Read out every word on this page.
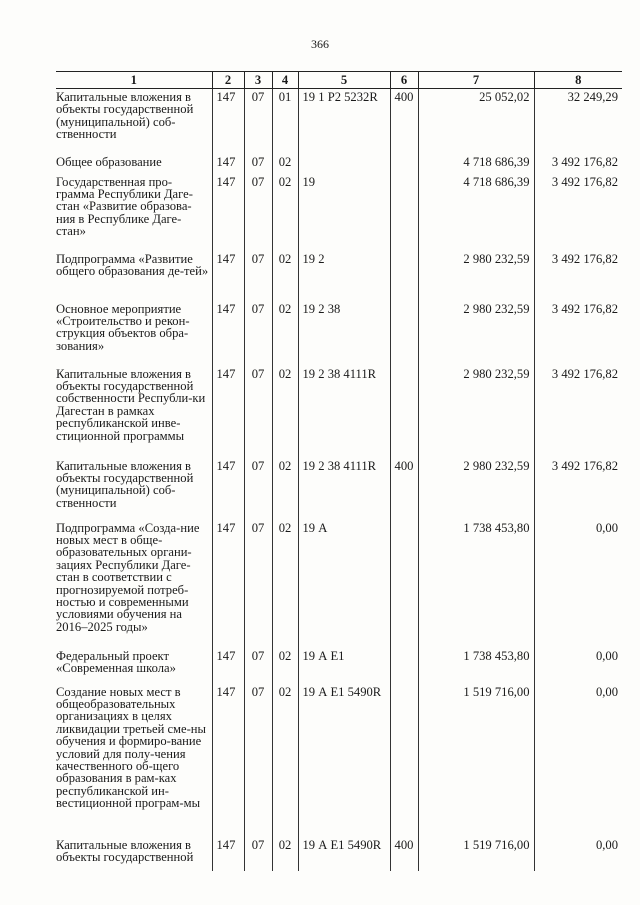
366
1	2	3	4	5	6	7	8
Капитальные вложения в объекты государственной (муниципальной) соб-ственности	147	07	01	19 1 P2 5232R	400	25 052,02	32 249,29
Общее образование	147	07	02			4 718 686,39	3 492 176,82
Государственная про-грамма Республики Даге-стан «Развитие образова-ния в Республике Даге-стан»	147	07	02	19		4 718 686,39	3 492 176,82
Подпрограмма «Развитие общего образования де-тей»	147	07	02	19 2		2 980 232,59	3 492 176,82
Основное мероприятие «Строительство и рекон-струкция объектов обра-зования»	147	07	02	19 2 38		2 980 232,59	3 492 176,82
Капитальные вложения в объекты государственной собственности Республи-ки Дагестан в рамках республиканской инве-стиционной программы	147	07	02	19 2 38 4111R		2 980 232,59	3 492 176,82
Капитальные вложения в объекты государственной (муниципальной) соб-ственности	147	07	02	19 2 38 4111R	400	2 980 232,59	3 492 176,82
Подпрограмма «Созда-ние новых мест в обще-образовательных органи-зациях Республики Даге-стан в соответствии с прогнозируемой потреб-ностью и современными условиями обучения на 2016–2025 годы»	147	07	02	19 А		1 738 453,80	0,00
Федеральный проект «Современная школа»	147	07	02	19 А Е1		1 738 453,80	0,00
Создание новых мест в общеобразовательных организациях в целях ликвидации третьей сме-ны обучения и формиро-вание условий для полу-чения качественного об-щего образования в рам-ках республиканской ин-вестиционной програм-мы	147	07	02	19 А Е1 5490R		1 519 716,00	0,00
Капитальные вложения в объекты государственной	147	07	02	19 А Е1 5490R	400	1 519 716,00	0,00
